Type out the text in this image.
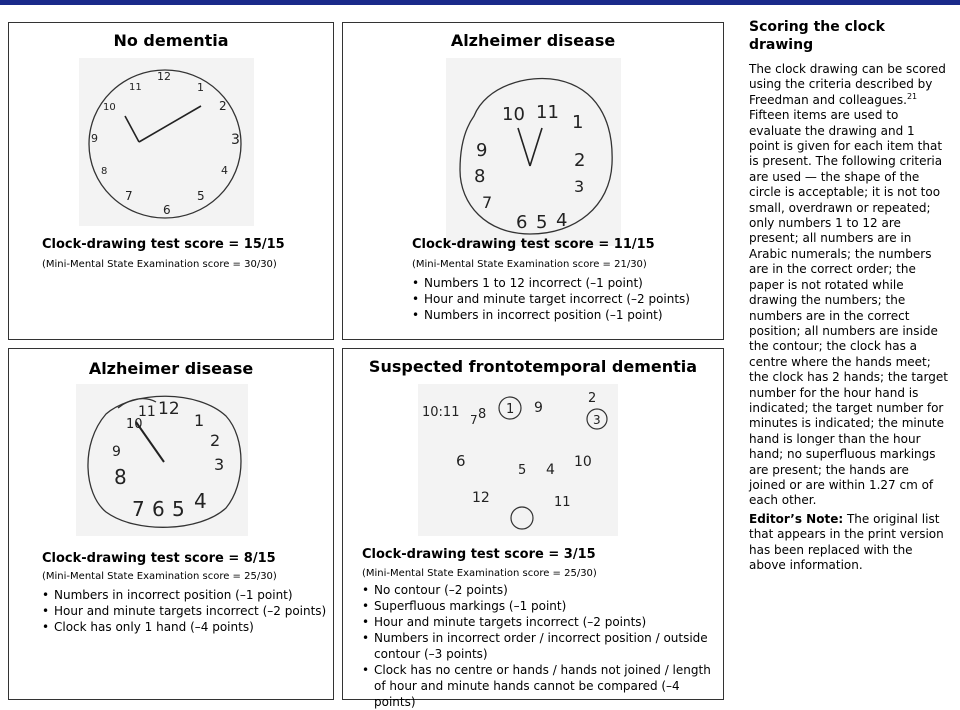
No dementia
12
1
2
3
4
5
6
7
8
9
10
11
Clock-drawing test score = 15/15
(Mini-Mental State Examination score = 30/30)
Alzheimer disease
10 11 1
2
3
9
8
7
6 5 4
Clock-drawing test score = 11/15
(Mini-Mental State Examination score = 21/30)
• Numbers 1 to 12 incorrect (–1 point)
• Hour and minute target incorrect (–2 points)
• Numbers in incorrect position (–1 point)
Alzheimer disease
10
11 12
1
2
3
9
8
7 6 5 4
Clock-drawing test score = 8/15
(Mini-Mental State Examination score = 25/30)
• Numbers in incorrect position (–1 point)
• Hour and minute targets incorrect (–2 points)
• Clock has only 1 hand (–4 points)
Suspected frontotemporal dementia
10:11 7 8 1 9
2
3
6
5 4 10
12	11
Clock-drawing test score = 3/15
(Mini-Mental State Examination score = 25/30)
• No contour (–2 points)
• Superfluous markings (–1 point)
• Hour and minute targets incorrect (–2 points)
• Numbers in incorrect order / incorrect position / outside contour (–3 points)
• Clock has no centre or hands / hands not joined / length of hour and minute hands cannot be compared (–4 points)
Scoring the clock drawing

The clock drawing can be scored using the criteria described by Freedman and colleagues.$^{21}$ Fifteen items are used to evaluate the drawing and 1 point is given for each item that is present. The following criteria are used — the shape of the circle is acceptable; it is not too small, overdrawn or repeated; only numbers 1 to 12 are present; all numbers are in Arabic numerals; the numbers are in the correct order; the paper is not rotated while drawing the numbers; the numbers are in the correct position; all numbers are inside the contour; the clock has a centre where the hands meet; the clock has 2 hands; the target number for the hour hand is indicated; the target number for minutes is indicated; the minute hand is longer than the hour hand; no superfluous markings are present; the hands are joined or are within 1.27 cm of each other.

Editor’s Note: The original list that appears in the print version has been replaced with the above information.
